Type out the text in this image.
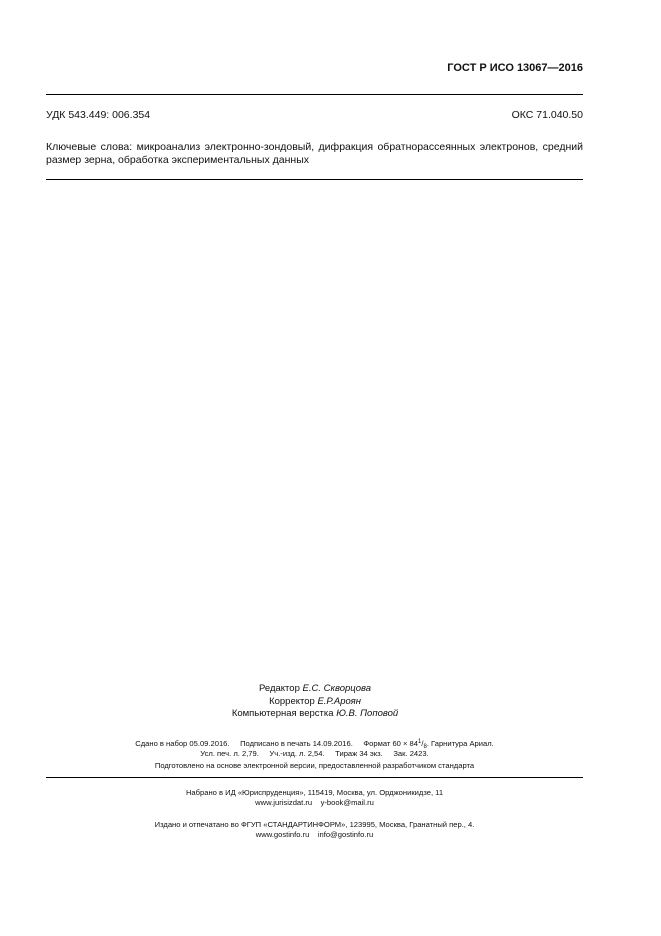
ГОСТ Р ИСО 13067—2016
УДК 543.449: 006.354	ОКС 71.040.50
Ключевые слова: микроанализ электронно-зондовый, дифракция обратнорассеянных электронов, средний размер зерна, обработка экспериментальных данных
Редактор Е.С. Скворцова
Корректор Е.Р.Ароян
Компьютерная верстка Ю.В. Поповой
Сдано в набор 05.09.2016. Подписано в печать 14.09.2016. Формат $60 \times 84^1/_8$. Гарнитура Ариал.
Усл. печ. л. 2,79. Уч.-изд. л. 2,54. Тираж 34 экз. Зак. 2423.
Подготовлено на основе электронной версии, предоставленной разработчиком стандарта
Набрано в ИД «Юриспруденция», 115419, Москва, ул. Орджоникидзе, 11
www.jurisizdat.ru y-book@mail.ru
Издано и отпечатано во ФГУП «СТАНДАРТИНФОРМ», 123995, Москва, Гранатный пер., 4.
www.gostinfo.ru info@gostinfo.ru
